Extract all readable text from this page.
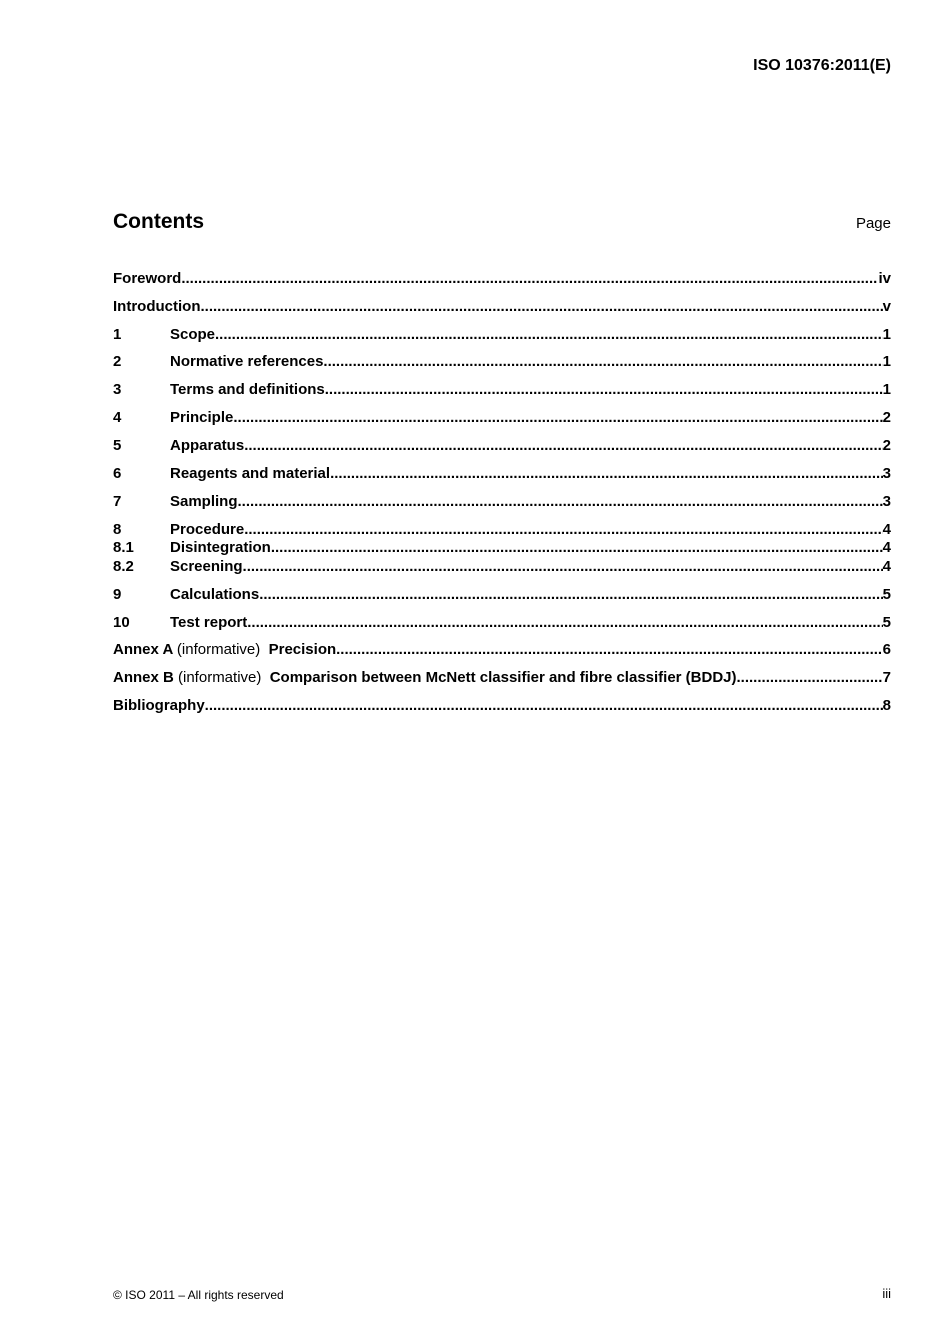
ISO 10376:2011(E)
Contents	Page
Foreword .....	iv
Introduction .....	v
1	Scope .....	1
2	Normative references .....	1
3	Terms and definitions .....	1
4	Principle .....	2
5	Apparatus .....	2
6	Reagents and material .....	3
7	Sampling .....	3
8	Procedure .....	4
8.1	Disintegration .....	4
8.2	Screening .....	4
9	Calculations .....	5
10	Test report .....	5
Annex A (informative) Precision .....	6
Annex B (informative) Comparison between McNett classifier and fibre classifier (BDDJ) .....	7
Bibliography .....	8
© ISO 2011 – All rights reserved	iii
